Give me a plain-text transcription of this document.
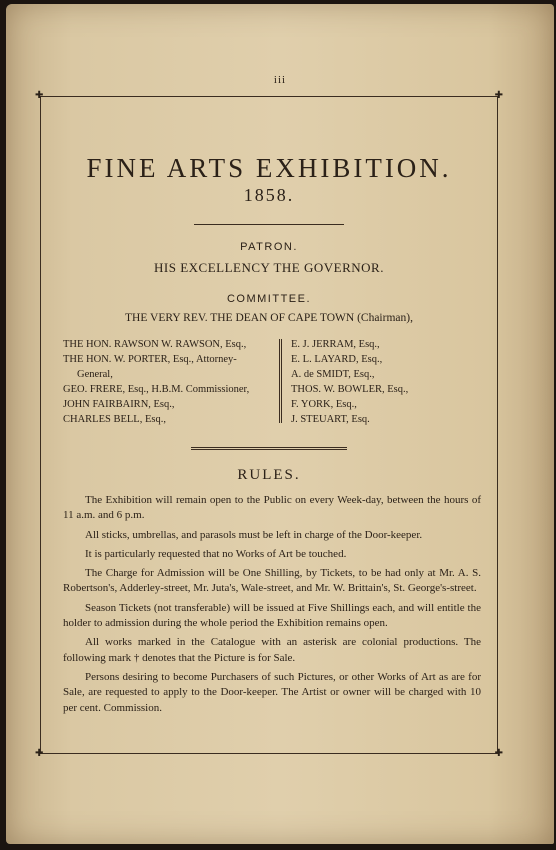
iii
✚	✚
✚	✚
FINE ARTS EXHIBITION.
1858.
PATRON.
HIS EXCELLENCY THE GOVERNOR.
COMMITTEE.
THE VERY REV. THE DEAN OF CAPE TOWN (Chairman),
THE HON. RAWSON W. RAWSON, Esq.,
THE HON. W. PORTER, Esq., Attorney-
General,
GEO. FRERE, Esq., H.B.M. Commissioner,
JOHN FAIRBAIRN, Esq.,
CHARLES BELL, Esq.,
E. J. JERRAM, Esq.,
E. L. LAYARD, Esq.,
A. de SMIDT, Esq.,
THOS. W. BOWLER, Esq.,
F. YORK, Esq.,
J. STEUART, Esq.
RULES.

The Exhibition will remain open to the Public on every Week-day, between the hours of 11 a.m. and 6 p.m.

All sticks, umbrellas, and parasols must be left in charge of the Door-keeper.

It is particularly requested that no Works of Art be touched.

The Charge for Admission will be One Shilling, by Tickets, to be had only at Mr. A. S. Robertson's, Adderley-street, Mr. Juta's, Wale-street, and Mr. W. Brittain's, St. George's-street.

Season Tickets (not transferable) will be issued at Five Shillings each, and will entitle the holder to admission during the whole period the Exhibition remains open.

All works marked in the Catalogue with an asterisk are colonial productions. The following mark † denotes that the Picture is for Sale.

Persons desiring to become Purchasers of such Pictures, or other Works of Art as are for Sale, are requested to apply to the Door-keeper. The Artist or owner will be charged with 10 per cent. Commission.
